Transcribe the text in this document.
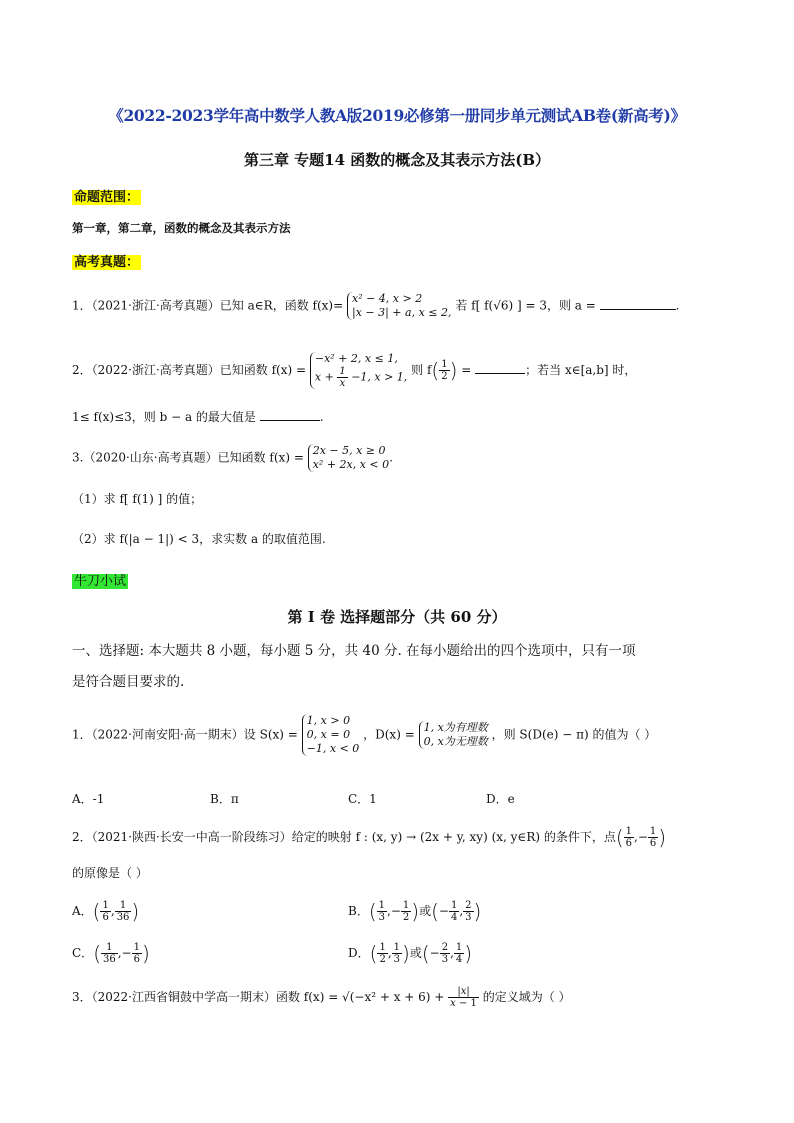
《2022-2023学年高中数学人教A版2019必修第一册同步单元测试AB卷(新高考)》
第三章 专题14 函数的概念及其表示方法(B）
命题范围：
第一章，第二章，函数的概念及其表示方法
高考真题：
1．（2021·浙江·高考真题）已知 a∈R，函数 f(x)= x² − 4, x > 2
|x − 3| + a, x ≤ 2, 若 f[ f(√6) ] = 3，则 a =	.
2．（2022·浙江·高考真题）已知函数 f(x) = −x² + 2, x ≤ 1,
$x + \frac{1}{x} -1$, x > 1, 则 $f( \frac{1}{2}$ ) =	；若当 x∈[a,b] 时，
1≤ f(x)≤3，则 b − a 的最大值是	.
3.（2020·山东·高考真题）已知函数 f(x) = 2x − 5, x ≥ 0
x² + 2x, x < 0.
（1）求 f[ f(1) ] 的值；
（2）求 f(|a − 1|) < 3，求实数 a 的取值范围.
牛刀小试
第 I 卷 选择题部分（共 60 分）
一、选择题: 本大题共 8 小题，每小题 5 分，共 40 分. 在每小题给出的四个选项中，只有一项
是符合题目要求的.
1．（2022·河南安阳·高一期末）设 S(x) = 1, x > 0
0, x = 0
−1, x < 0 ，D(x) = 1, x为有理数
0, x为无理数 ，则 S(D(e) − π) 的值为（ ）
A．-1	B．π	C．1	D．e
2．（2021·陕西·长安一中高一阶段练习）给定的映射 f : (x, y) → (2x + y, xy) (x, y∈R) 的条件下，点( $\frac{1}{6}$ ,− $\frac{1}{6}$ )
的原像是（ ）
A．( $\frac{1}{6}$ , $\frac{1}{36}$ )	B．( $\frac{1}{3}$ ,− $\frac{1}{2}$ )或(− $\frac{1}{4}$ , $\frac{2}{3}$ )
C．( $\frac{1}{36}$ ,− $\frac{1}{6}$ )	D．( $\frac{1}{2}$ , $\frac{1}{3}$ )或(− $\frac{2}{3}$ , $\frac{1}{4}$ )
3．（2022·江西省铜鼓中学高一期末）函数 $f(x) = √(-x^2 + x + 6) + \frac{|x|}{x - 1}$ 的定义域为（ ）
